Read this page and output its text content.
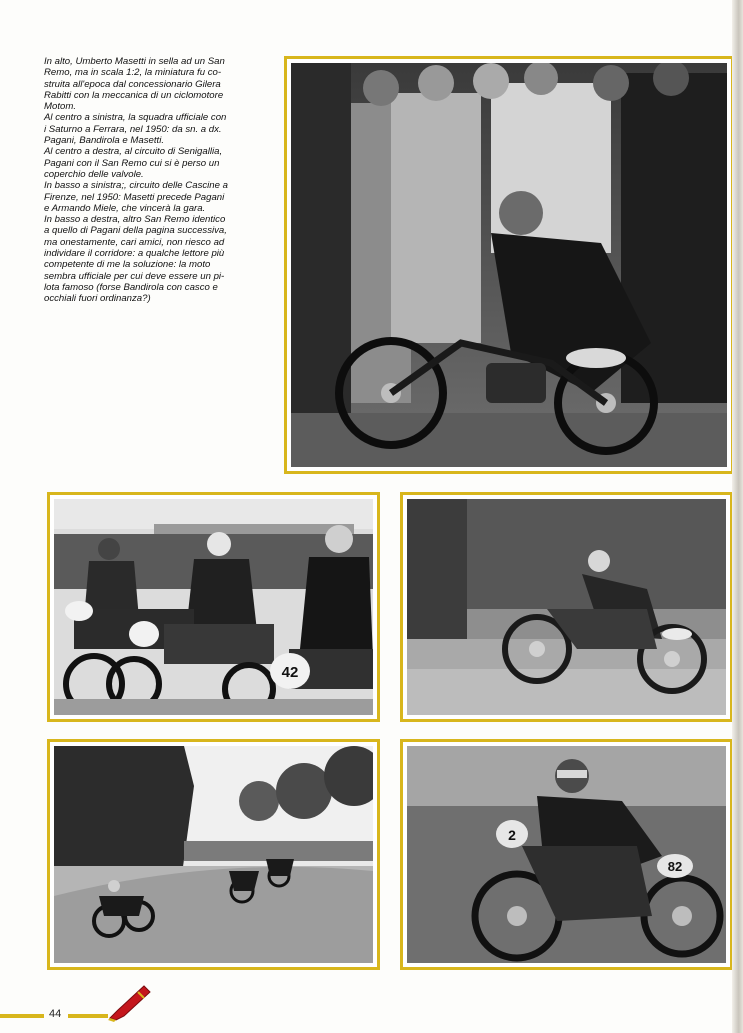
In alto, Umberto Masetti in sella ad un San
Remo, ma in scala 1:2, la miniatura fu co-
struita all'epoca dal concessionario Gilera
Rabitti con la meccanica di un ciclomotore
Motom.
Al centro a sinistra, la squadra ufficiale con
i Saturno a Ferrara, nel 1950: da sn. a dx.
Pagani, Bandirola e Masetti.
Al centro a destra, al circuito di Senigallia,
Pagani con il San Remo cui si è perso un
coperchio delle valvole.
In basso a sinistra;, circuito delle Cascine a
Firenze, nel 1950: Masetti precede Pagani
e Armando Miele, che vincerà la gara.
In basso a destra, altro San Remo identico
a quello di Pagani della pagina successiva,
ma onestamente, cari amici, non riesco ad
individare il corridore: a qualche lettore più
competente di me la soluzione: la moto
sembra ufficiale per cui deve essere un pi-
lota famoso (forse Bandirola con casco e
occhiali fuori ordinanza?)
42
2
82
44
